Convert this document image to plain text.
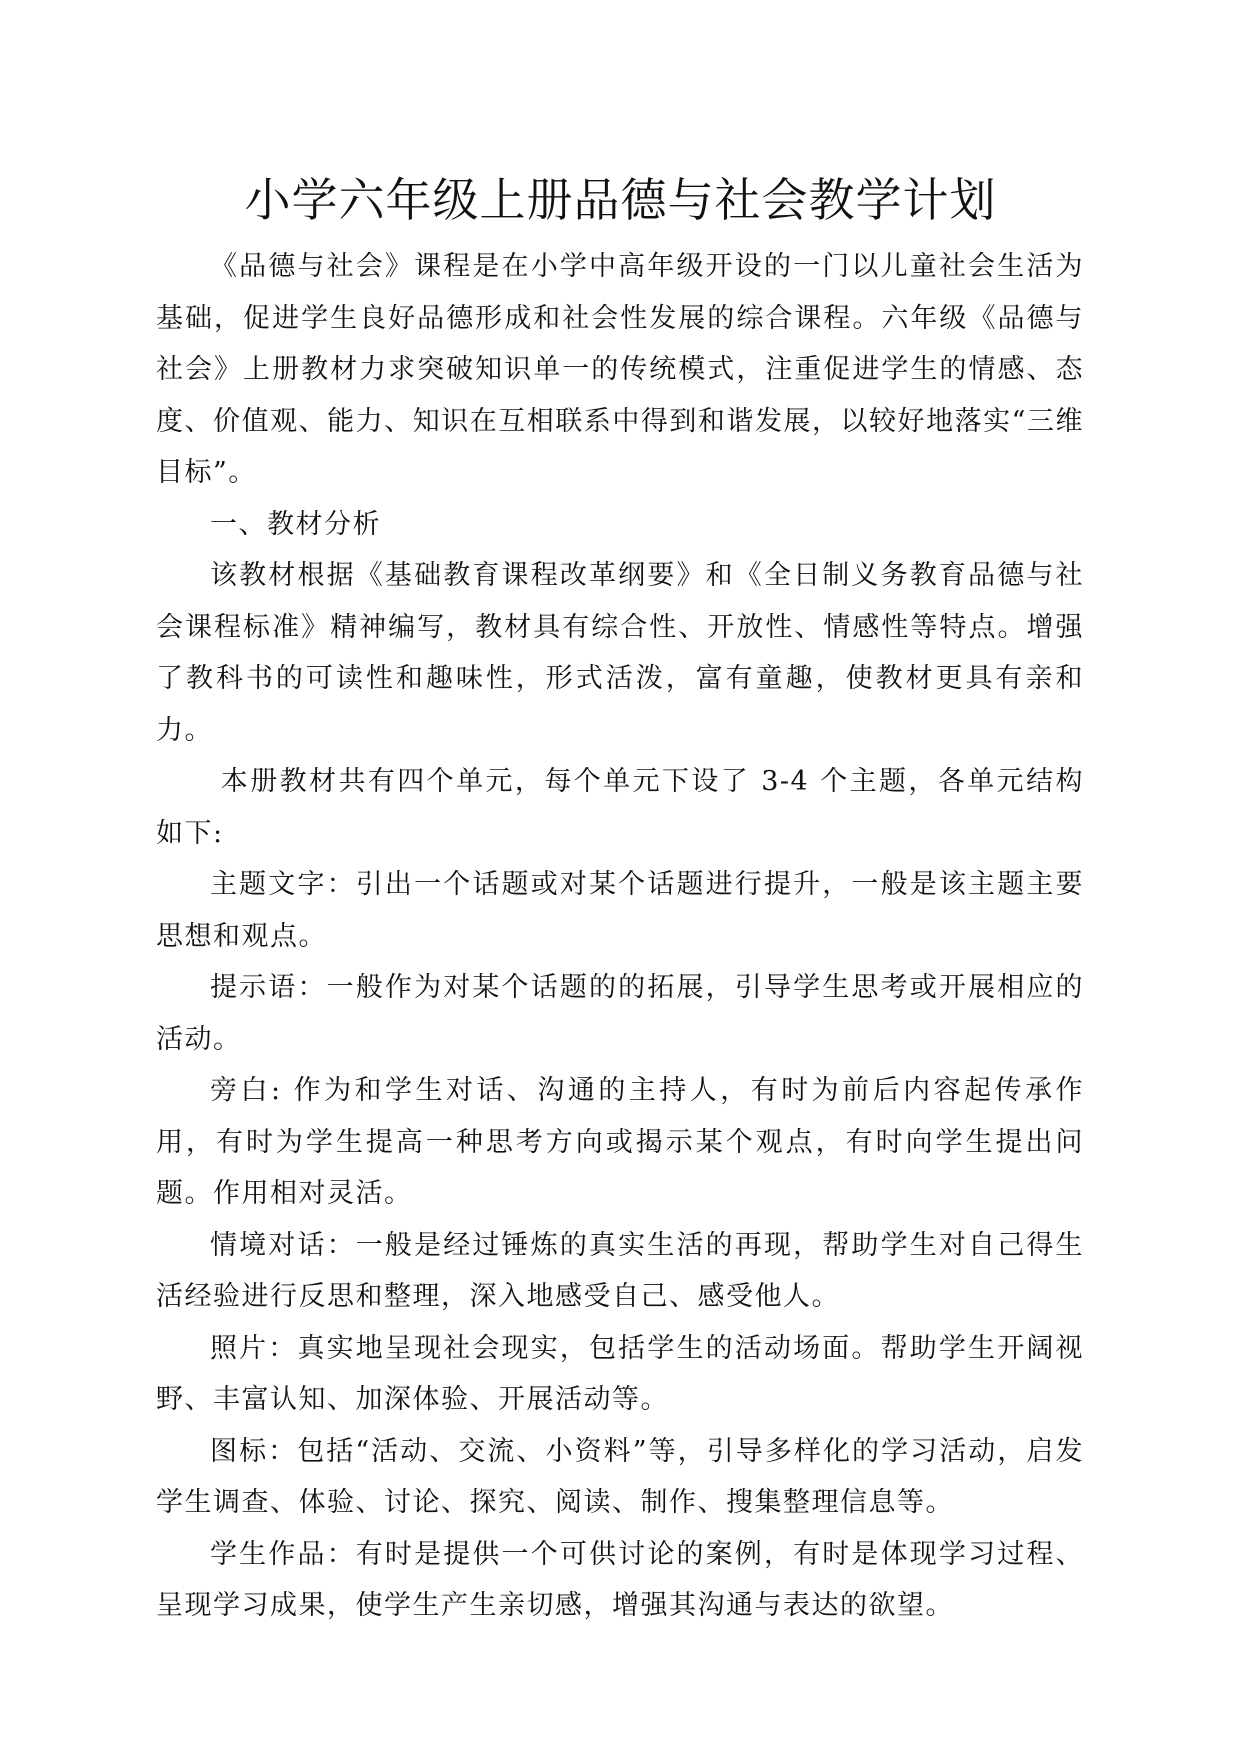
小学六年级上册品德与社会教学计划

《品德与社会》课程是在小学中高年级开设的一门以儿童社会生活为基础，促进学生良好品德形成和社会性发展的综合课程。六年级《品德与社会》上册教材力求突破知识单一的传统模式，注重促进学生的情感、态度、价值观、能力、知识在互相联系中得到和谐发展，以较好地落实“三维目标”。

一、教材分析

该教材根据《基础教育课程改革纲要》和《全日制义务教育品德与社会课程标准》精神编写，教材具有综合性、开放性、情感性等特点。增强了教科书的可读性和趣味性，形式活泼，富有童趣，使教材更具有亲和力。

本册教材共有四个单元，每个单元下设了 3-4 个主题，各单元结构如下:

主题文字：引出一个话题或对某个话题进行提升，一般是该主题主要思想和观点。

提示语：一般作为对某个话题的的拓展，引导学生思考或开展相应的活动。

旁白: 作为和学生对话、沟通的主持人，有时为前后内容起传承作用，有时为学生提高一种思考方向或揭示某个观点，有时向学生提出问题。作用相对灵活。

情境对话：一般是经过锤炼的真实生活的再现，帮助学生对自己得生活经验进行反思和整理，深入地感受自己、感受他人。

照片：真实地呈现社会现实，包括学生的活动场面。帮助学生开阔视野、丰富认知、加深体验、开展活动等。

图标：包括“活动、交流、小资料”等，引导多样化的学习活动，启发学生调查、体验、讨论、探究、阅读、制作、搜集整理信息等。

学生作品：有时是提供一个可供讨论的案例，有时是体现学习过程、呈现学习成果，使学生产生亲切感，增强其沟通与表达的欲望。
